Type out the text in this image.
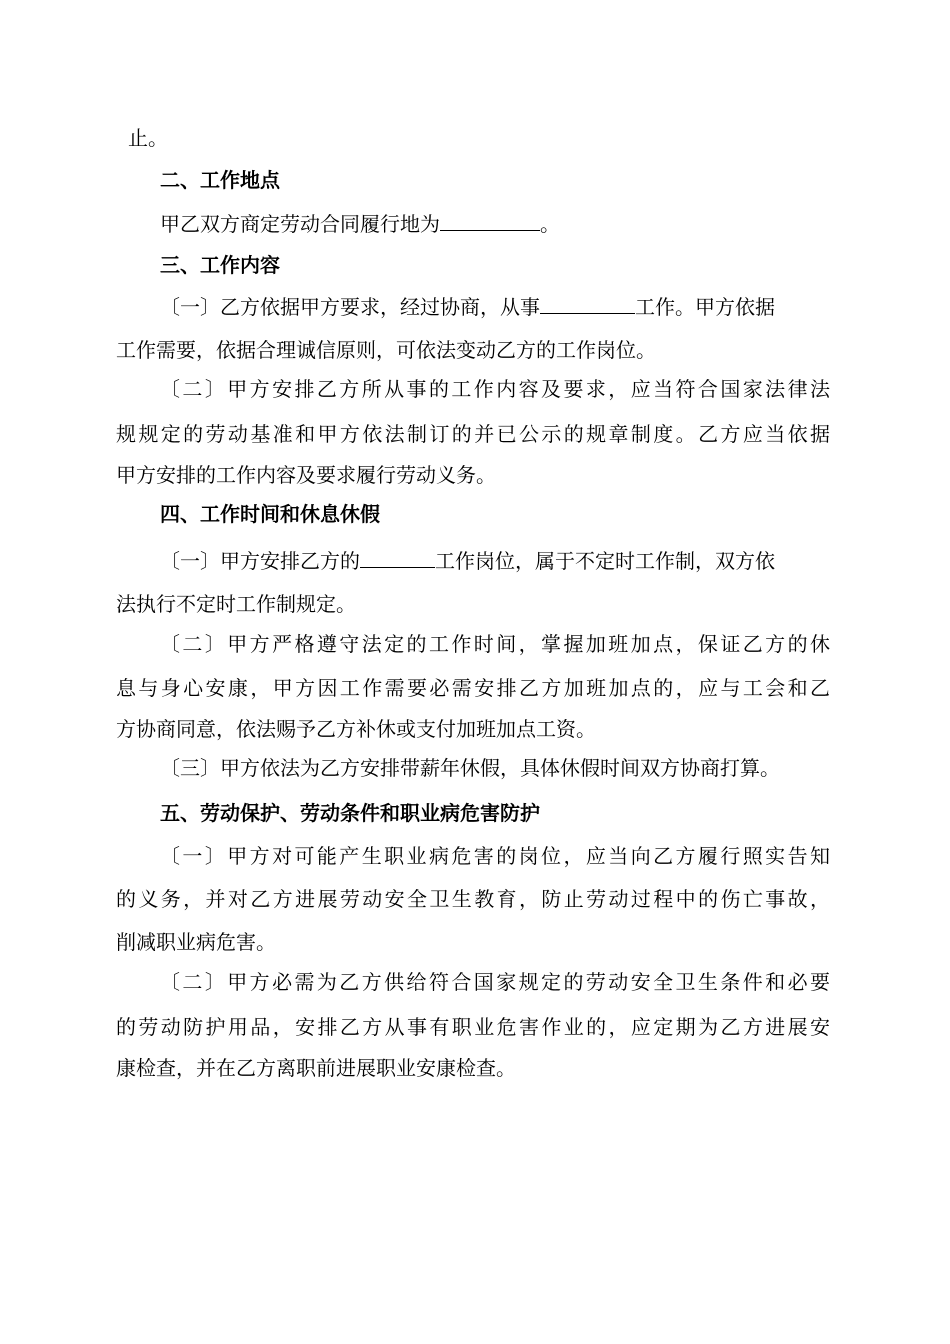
止。
二、工作地点
甲乙双方商定劳动合同履行地为	。
三、工作内容
〔一〕乙方依据甲方要求，经过协商，从事	工作。甲方依据
工作需要，依据合理诚信原则，可依法变动乙方的工作岗位。
〔二〕甲方安排乙方所从事的工作内容及要求，应当符合国家法律法
规规定的劳动基准和甲方依法制订的并已公示的规章制度。乙方应当依据
甲方安排的工作内容及要求履行劳动义务。
四、工作时间和休息休假
〔一〕甲方安排乙方的	工作岗位，属于不定时工作制，双方依
法执行不定时工作制规定。
〔二〕甲方严格遵守法定的工作时间，掌握加班加点，保证乙方的休
息与身心安康，甲方因工作需要必需安排乙方加班加点的，应与工会和乙
方协商同意，依法赐予乙方补休或支付加班加点工资。
〔三〕甲方依法为乙方安排带薪年休假，具体休假时间双方协商打算。
五、劳动保护、劳动条件和职业病危害防护
〔一〕甲方对可能产生职业病危害的岗位，应当向乙方履行照实告知
的义务，并对乙方进展劳动安全卫生教育，防止劳动过程中的伤亡事故，
削减职业病危害。
〔二〕甲方必需为乙方供给符合国家规定的劳动安全卫生条件和必要
的劳动防护用品，安排乙方从事有职业危害作业的，应定期为乙方进展安
康检查，并在乙方离职前进展职业安康检查。
